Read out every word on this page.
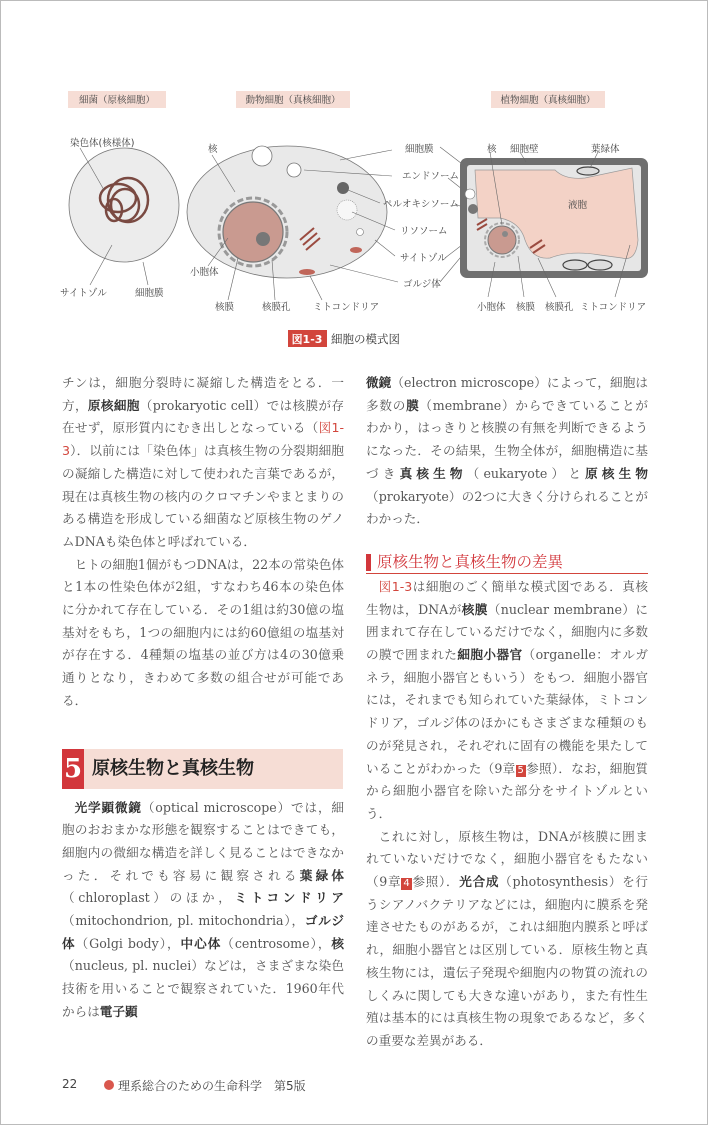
細菌（原核細胞）	動物細胞（真核細胞）	植物細胞（真核細胞）
染色体(核様体)
サイトゾル	細胞膜
核
小胞体
核膜	核膜孔 ミトコンドリア
細胞膜
エンドソーム
ペルオキシソーム
リソソーム
サイトゾル
ゴルジ体
核 細胞壁	葉緑体
液胞
小胞体 核膜 核膜孔 ミトコンドリア
図1-3 細胞の模式図

チンは，細胞分裂時に凝縮した構造をとる．一方，原核細胞（prokaryotic cell）では核膜が存在せず，原形質内にむき出しとなっている（図1-3）．以前には「染色体」は真核生物の分裂期細胞の凝縮した構造に対して使われた言葉であるが，現在は真核生物の核内のクロマチンやまとまりのある構造を形成している細菌など原核生物のゲノムDNAも染色体と呼ばれている．

ヒトの細胞1個がもつDNAは，22本の常染色体と1本の性染色体が2組，すなわち46本の染色体に分かれて存在している．その1組は約30億の塩基対をもち，1つの細胞内には約60億組の塩基対が存在する．4種類の塩基の並び方は4の30億乗通りとなり，きわめて多数の組合せが可能である．

5 原核生物と真核生物

光学顕微鏡（optical microscope）では，細胞のおおまかな形態を観察することはできても，細胞内の微細な構造を詳しく見ることはできなかった．それでも容易に観察される葉緑体（chloroplast）のほか，ミトコンドリア（mitochondrion, pl. mitochondria），ゴルジ体（Golgi body），中心体（centrosome），核（nucleus, pl. nuclei）などは，さまざまな染色技術を用いることで観察されていた．1960年代からは電子顕

微鏡（electron microscope）によって，細胞は多数の膜（membrane）からできていることがわかり，はっきりと核膜の有無を判断できるようになった．その結果，生物全体が，細胞構造に基づき真核生物（eukaryote）と原核生物（prokaryote）の2つに大きく分けられることがわかった．

原核生物と真核生物の差異

図1-3は細胞のごく簡単な模式図である．真核生物は，DNAが核膜（nuclear membrane）に囲まれて存在しているだけでなく，細胞内に多数の膜で囲まれた細胞小器官（organelle：オルガネラ，細胞小器官ともいう）をもつ．細胞小器官には，それまでも知られていた葉緑体，ミトコンドリア，ゴルジ体のほかにもさまざまな種類のものが発見され，それぞれに固有の機能を果たしていることがわかった（9章 5 参照）．なお，細胞質から細胞小器官を除いた部分をサイトゾルという．

これに対し，原核生物は，DNAが核膜に囲まれていないだけでなく，細胞小器官をもたない（9章 4 参照）．光合成（photosynthesis）を行うシアノバクテリアなどには，細胞内に膜系を発達させたものがあるが，これは細胞内膜系と呼ばれ，細胞小器官とは区別している．原核生物と真核生物には，遺伝子発現や細胞内の物質の流れのしくみに関しても大きな違いがあり，また有性生殖は基本的には真核生物の現象であるなど，多くの重要な差異がある．

22	理系総合のための生命科学　第5版
